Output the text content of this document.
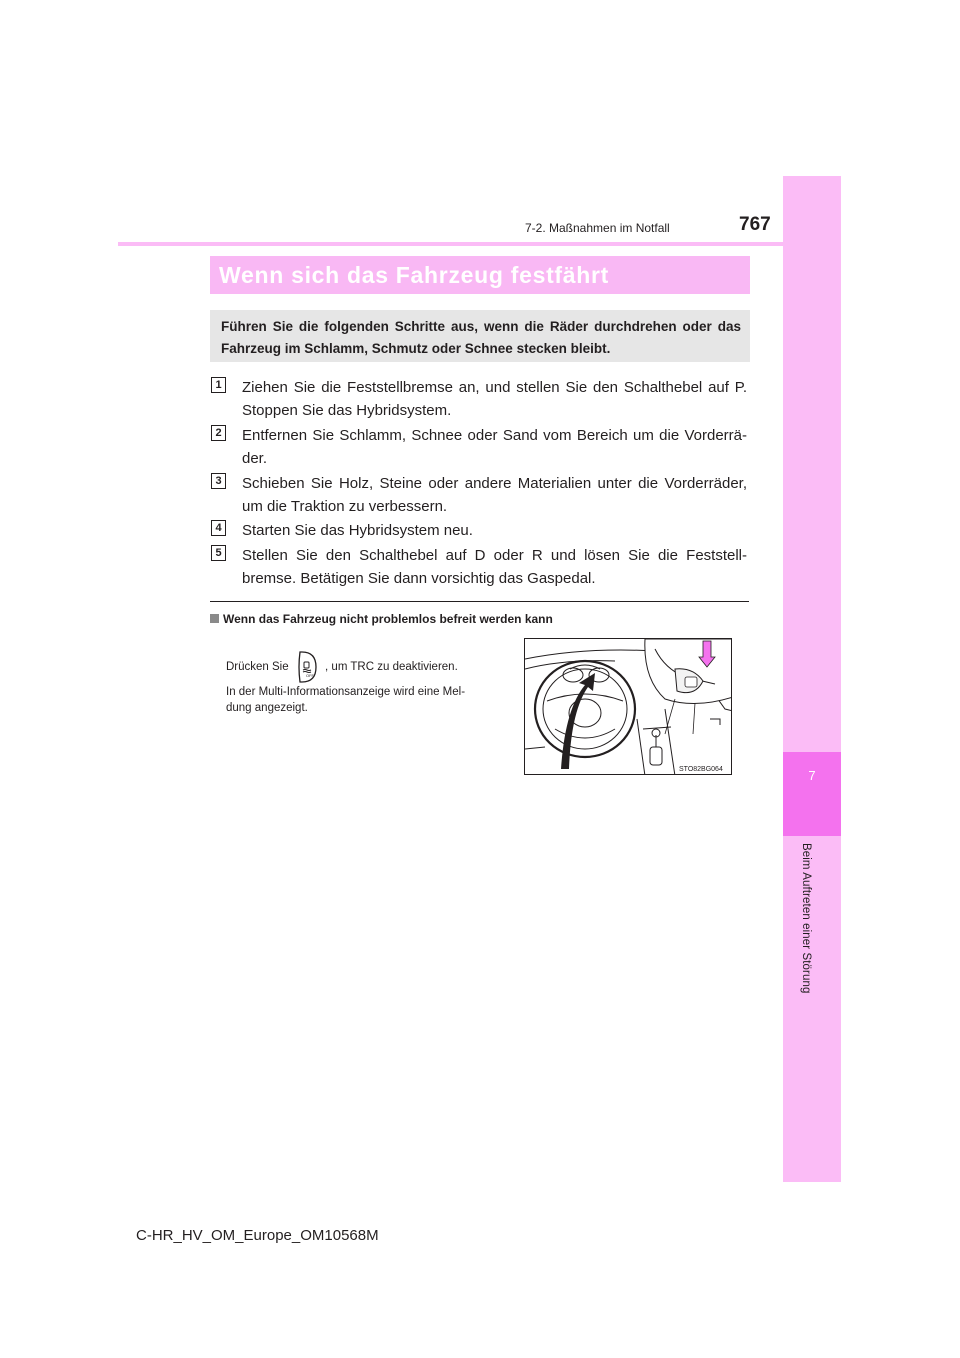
7
Beim Auftreten einer Störung
7-2. Maßnahmen im Notfall	767
Wenn sich das Fahrzeug festfährt
Führen Sie die folgenden Schritte aus, wenn die Räder durchdrehen oder das Fahrzeug im Schlamm, Schmutz oder Schnee stecken bleibt.
1 Ziehen Sie die Feststellbremse an, und stellen Sie den Schalthebel auf P. Stoppen Sie das Hybridsystem.
2 Entfernen Sie Schlamm, Schnee oder Sand vom Bereich um die Vorderrä-der.
3 Schieben Sie Holz, Steine oder andere Materialien unter die Vorderräder, um die Traktion zu verbessern.
4 Starten Sie das Hybridsystem neu.
5 Stellen Sie den Schalthebel auf D oder R und lösen Sie die Feststell-bremse. Betätigen Sie dann vorsichtig das Gaspedal.
Wenn das Fahrzeug nicht problemlos befreit werden kann
Drücken Sie
OFF
, um TRC zu deaktivieren.
In der Multi-Informationsanzeige wird eine Mel-
dung angezeigt.
STO82BG064
C-HR_HV_OM_Europe_OM10568M
